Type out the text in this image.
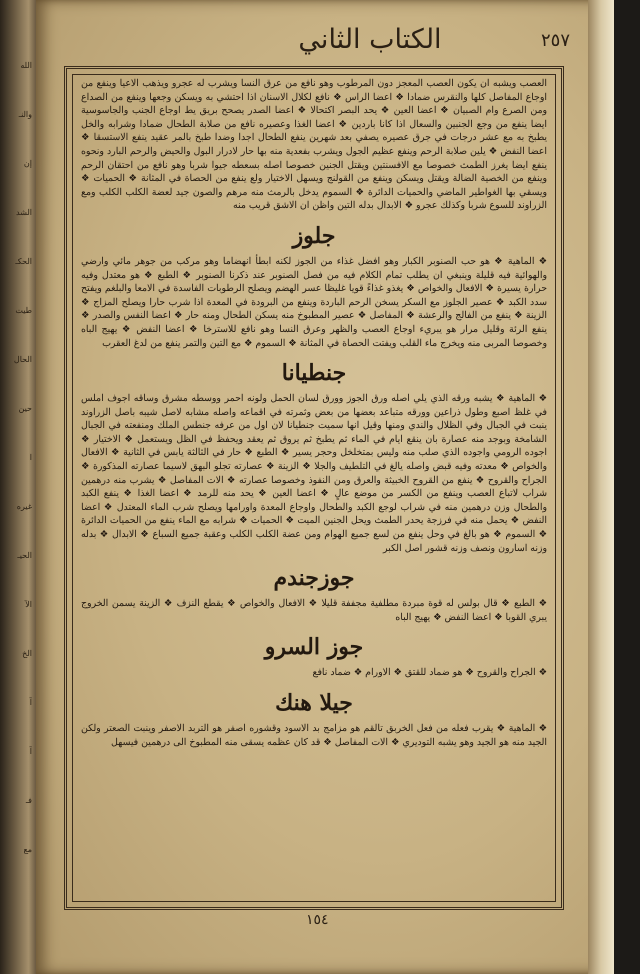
الله
والنـ
إن
الشد
الحكـ
طيت
الحال
حين
ا
غيره
الحيـ
الآ
الخ
آ
آ
فـ
مع
الكتاب الثاني	٢٥٧

العصب ويشبه ان يكون العصب المعجز دون المرطوب وهو نافع من عرق النسا ويشرب له عجرو ويذهب الاعيا وينفع من اوجاع المفاصل كلها والنقرس ضمادا ❖ اعضا الراس ❖ نافع لكلال الاسنان اذا احتشي به ويسكن وجعها وينفع من الصداع ومن الصرع وام الصبيان ❖ اعضا العين ❖ يحد البصر اكتحالا ❖ اعضا الصدر يصحح بريق يط اوجاع الجنب والجاسوسية ايضا ينفع من وجع الجنبين والسعال اذا كانا باردين ❖ اعضا الغذا وعصيره نافع من صلابة الطحال ضمادا وشرابه والخل يطبخ به مع عشر درجات في جرق عصيره يصفي بعد شهرين ينفع الطحال اجدا وضدا طبخ بالمر عقيد ينفع الاستسقا ❖ اعضا النفض ❖ يلين صلابة الرحم وينفع عظيم الجول ويشرب بفعدية منه بها حار لادرار البول والحيض والرحم البارد ونحوه ينفع ايضا يغرز الطمث خصوصا مع الافسنتين ويقتل الجنين خصوصا اصله بسعطه جيوا شربا وهو نافع من احتقان الرحم وينفع من الخصية الضالة ويقتل ويسكن وينفع من القولنج ويسهل الاختيار ولع ينفع من الحصاة في المثانة ❖ الحميات ❖ ويسقي بها الغواطير الماضي والحميات الدائرة ❖ السموم يدخل بالرمث منه مرهم والصون جيد لعضة الكلب الكلب ومع الزراوند للسوع شربا وكذلك عجرو ❖ الابدال بدله التين واظن ان الاشق قريب منه

جلوز

❖ الماهية ❖ هو حب الصنوبر الكبار وهو افضل غذاء من الجوز لكنه ابطأ انهضاما وهو مركب من جوهر مائي وارضي والهوائية فيه قليلة وينبغي ان يطلب تمام الكلام فيه من فصل الصنوبر عند ذكرنا الصنوبر ❖ الطبع ❖ هو معتدل وفيه حرارة يسيرة ❖ الافعال والخواص ❖ يغذو غذاءً قويا غليظا عسر الهضم ويصلح الرطوبات الفاسدة في الامعا والبلغم ويفتح سدد الكبد ❖ عصير الجلوز مع السكر يسخن الرحم الباردة وينفع من البرودة في المعدة اذا شرب حارا ويصلح المزاج ❖ الزينة ❖ ينفع من الفالج والرعشة ❖ المفاصل ❖ عصير المطبوخ منه يسكن الطحال ومنه حار ❖ اعضا النفس والصدر ❖ ينفع الرئة وقليل مرار هو يبريء اوجاع العصب والظهر وعرق النسا وهو نافع للاسترخا ❖ اعضا النفض ❖ يهيج الباه وخصوصا المربى منه ويخرج ماء القلب ويفتت الحصاة في المثانة ❖ السموم ❖ مع التين والتمر ينفع من لدغ العقرب

جنطيانا

❖ الماهية ❖ يشبه ورقه الذي يلي اصله ورق الجوز وورق لسان الحمل ولونه احمر ووسطه مشرق وساقه اجوف املس في غلظ اصبع وطول ذراعين وورقه متباعد بعضها من بعض وثمرته في اقماعه واصله مشابه لاصل شيبه باصل الزراوند ينبت في الجبال وفي الظلال والندي ومنها وقيل انها سميت جنطيانا لان اول من عرفه جنطس الملك ومنفعته في الجبال الشامخة وبوجد منه عصارة بان ينقع ايام في الماء ثم يطبخ ثم يروق ثم يعقد ويحفظ في الظل ويستعمل ❖ الاختيار ❖ اجوده الرومي واجوده الذي صلب منه وليس بمتخلخل وحجر يسير ❖ الطبع ❖ حار في الثالثة يابس في الثانية ❖ الافعال والخواص ❖ معدته وفيه قبض واصله يالغ في التلطيف والجلا ❖ الزينة ❖ عصارته تجلو البهق لاسيما عصارته المذكورة ❖ الجراح والقروح ❖ ينفع من القروح الخبيثة والعرق ومن النفوذ وخصوصا عصارته ❖ الات المفاصل ❖ يشرب منه درهمين شراب لاتباع العصب وينفع من الكسر من موضع عالٍ ❖ اعضا العين ❖ يحد منه للرمد ❖ اعضا الغذا ❖ ينفع الكبد والطحال وزن درهمين منه في شراب لوجع الكبد والطحال واوجاع المعدة واورامها ويصلح شرب الماء المعتدل ❖ اعضا النفض ❖ يحمل منه في فرزجة يحدر الطمث ويحل الجنين الميت ❖ الحميات ❖ شرابه مع الماء ينفع من الحميات الدائرة ❖ السموم ❖ هو بالغ في وحل ينفع من لسع جميع الهوام ومن عضة الكلب الكلب وعقبة جميع السباع ❖ الابدال ❖ بدله وزنه اسارون ونصف وزنه قشور اصل الكبر

جوزجندم

❖ الطبع ❖ قال بولس له قوة مبردة مطلفية مجففة قليلا ❖ الافعال والخواص ❖ يقطع النزف ❖ الزينة يسمن الخروج يبري القوبا ❖ اعضا النفض ❖ يهيج الباه

جوز السرو

❖ الجراح والقروح ❖ هو ضماد للقتق ❖ الاورام ❖ ضماد نافع

جيلا هنك

❖ الماهية ❖ يقرب فعله من فعل الخربق تالقم هو مزامج بد الاسود وقشوره اصفر هو التربد الاصفر وينبت الصعتر ولكن الجيد منه هو الجيد وهو يشبه التوديري ❖ الات المفاصل ❖ قد كان عظمه يسقى منه المطبوخ الى درهمين فيسهل

١٥٤
